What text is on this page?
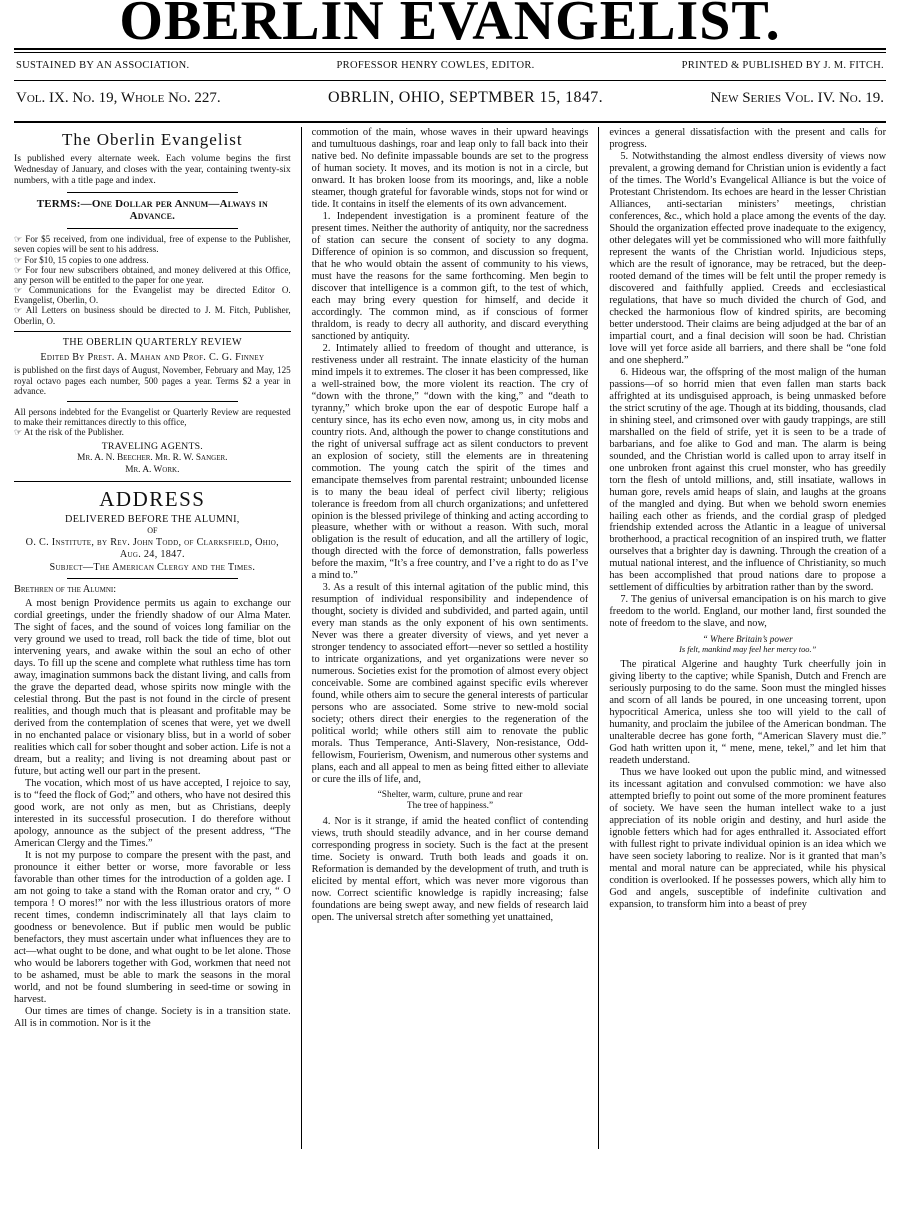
OBERLIN EVANGELIST.
SUSTAINED BY AN ASSOCIATION.	PROFESSOR HENRY COWLES, EDITOR.	PRINTED & PUBLISHED BY J. M. FITCH.
Vol. IX. No. 19, Whole No. 227.	OBRLIN, OHIO, SEPTMBER 15, 1847.	New Series Vol. IV. No. 19.
The Oberlin Evangelist

Is published every alternate week. Each volume begins the first Wednesday of January, and closes with the year, containing twenty-six numbers, with a title page and index.

TERMS:—One Dollar per Annum—Always in Advance.

☞ For $5 received, from one individual, free of expense to the Publisher, seven copies will be sent to his address.

☞ For $10, 15 copies to one address.

☞ For four new subscribers obtained, and money delivered at this Office, any person will be entitled to the paper for one year.

☞ Communications for the Evangelist may be directed Editor O. Evangelist, Oberlin, O.

☞ All Letters on business should be directed to J. M. Fitch, Publisher, Oberlin, O.

THE OBERLIN QUARTERLY REVIEW
Edited By Prest. A. Mahan and Prof. C. G. Finney

is published on the first days of August, November, February and May, 125 royal octavo pages each number, 500 pages a year. Terms $2 a year in advance.

All persons indebted for the Evangelist or Quarterly Review are requested to make their remittances directly to this office,

☞ At the risk of the Publisher.

TRAVELING AGENTS.
Mr. A. N. Beecher. Mr. R. W. Sanger.
Mr. A. Work.
ADDRESS
DELIVERED BEFORE THE ALUMNI,
OF
O. C. Institute, by Rev. John Todd, of Clarksfield, Ohio, Aug. 24, 1847.
Subject—The American Clergy and the Times.
Brethren of the Alumni:

A most benign Providence permits us again to exchange our cordial greetings, under the friendly shadow of our Alma Mater. The sight of faces, and the sound of voices long familiar on the very ground we used to tread, roll back the tide of time, blot out intervening years, and awake within the soul an echo of other days. To fill up the scene and complete what ruthless time has torn away, imagination summons back the distant living, and calls from the grave the departed dead, whose spirits now mingle with the celestial throng. But the past is not found in the circle of present realities, and though much that is pleasant and profitable may be derived from the contemplation of scenes that were, yet we dwell in no enchanted palace or visionary bliss, but in a world of sober realities which call for sober thought and sober action. Life is not a dream, but a reality; and living is not dreaming about past or future, but acting well our part in the present.

The vocation, which most of us have accepted, I rejoice to say, is to “feed the flock of God;” and others, who have not desired this good work, are not only as men, but as Christians, deeply interested in its successful prosecution. I do therefore without apology, announce as the subject of the present address, “The American Clergy and the Times.”

It is not my purpose to compare the present with the past, and pronounce it either better or worse, more favorable or less favorable than other times for the introduction of a golden age. I am not going to take a stand with the Roman orator and cry, “ O tempora ! O mores!” nor with the less illustrious orators of more recent times, condemn indiscriminately all that lays claim to goodness or benevolence. But if public men would be public benefactors, they must ascertain under what influences they are to act—what ought to be done, and what ought to be let alone. Those who would be laborers together with God, workmen that need not to be ashamed, must be able to mark the seasons in the moral world, and not be found slumbering in seed-time or sowing in harvest.

Our times are times of change. Society is in a transition state. All is in commotion. Nor is it the

commotion of the main, whose waves in their upward heavings and tumultuous dashings, roar and leap only to fall back into their native bed. No definite impassable bounds are set to the progress of human society. It moves, and its motion is not in a circle, but onward. It has broken loose from its moorings, and, like a noble steamer, though grateful for favorable winds, stops not for wind or tide. It contains in itself the elements of its own advancement.

1. Independent investigation is a prominent feature of the present times. Neither the authority of antiquity, nor the sacredness of station can secure the consent of society to any dogma. Difference of opinion is so common, and discussion so frequent, that he who would obtain the assent of community to his views, must have the reasons for the same forthcoming. Men begin to discover that intelligence is a common gift, to the test of which, each may bring every question for himself, and decide it accordingly. The common mind, as if conscious of former thraldom, is ready to decry all authority, and discard everything sanctioned by antiquity.

2. Intimately allied to freedom of thought and utterance, is restiveness under all restraint. The innate elasticity of the human mind impels it to extremes. The closer it has been compressed, like a well-strained bow, the more violent its reaction. The cry of “down with the throne,” “down with the king,” and “death to tyranny,” which broke upon the ear of despotic Europe half a century since, has its echo even now, among us, in city mobs and country riots. And, although the power to change constitutions and the right of universal suffrage act as silent conductors to prevent an explosion of society, still the elements are in threatening commotion. The young catch the spirit of the times and emancipate themselves from parental restraint; unbounded license is to many the beau ideal of perfect civil liberty; religious tolerance is freedom from all church organizations; and unfettered opinion is the blessed privilege of thinking and acting according to pleasure, whether with or without a reason. With such, moral obligation is the result of education, and all the artillery of logic, though directed with the force of demonstration, falls powerless before the maxim, “It’s a free country, and I’ve a right to do as I’ve a mind to.”

3. As a result of this internal agitation of the public mind, this resumption of individual responsibility and independence of thought, society is divided and subdivided, and parted again, until every man stands as the only exponent of his own sentiments. Never was there a greater diversity of views, and yet never a stronger tendency to associated effort—never so settled a hostility to intricate organizations, and yet organizations were never so numerous. Societies exist for the promotion of almost every object conceivable. Some are combined against specific evils wherever found, while others aim to secure the general interests of particular persons who are associated. Some strive to new-mold social society; others direct their energies to the regeneration of the political world; while others still aim to renovate the public morals. Thus Temperance, Anti-Slavery, Non-resistance, Odd-fellowism, Fourierism, Owenism, and numerous other systems and plans, each and all appeal to men as being fitted either to alleviate or cure the ills of life, and,

“Shelter, warm, culture, prune and rear
The tree of happiness.”

4. Nor is it strange, if amid the heated conflict of contending views, truth should steadily advance, and in her course demand corresponding progress in society. Such is the fact at the present time. Society is onward. Truth both leads and goads it on. Reformation is demanded by the development of truth, and truth is elicited by mental effort, which was never more vigorous than now. Correct scientific knowledge is rapidly increasing; false foundations are being swept away, and new fields of research laid open. The universal stretch after something yet unattained,

evinces a general dissatisfaction with the present and calls for progress.

5. Notwithstanding the almost endless diversity of views now prevalent, a growing demand for Christian union is evidently a fact of the times. The World’s Evangelical Alliance is but the voice of Protestant Christendom. Its echoes are heard in the lesser Christian Alliances, anti-sectarian ministers’ meetings, christian conferences, &c., which hold a place among the events of the day. Should the organization effected prove inadequate to the exigency, other delegates will yet be commissioned who will more faithfully represent the wants of the Christian world. Injudicious steps, which are the result of ignorance, may be retraced, but the deep-rooted demand of the times will be felt until the proper remedy is discovered and faithfully applied. Creeds and ecclesiastical regulations, that have so much divided the church of God, and checked the harmonious flow of kindred spirits, are becoming better understood. Their claims are being adjudged at the bar of an impartial court, and a final decision will soon be had. Christian love will yet force aside all barriers, and there shall be “one fold and one shepherd.”

6. Hideous war, the offspring of the most malign of the human passions—of so horrid mien that even fallen man starts back affrighted at its undisguised approach, is being unmasked before the strict scrutiny of the age. Though at its bidding, thousands, clad in shining steel, and crimsoned over with gaudy trappings, are still marshalled on the field of strife, yet it is seen to be a trade of barbarians, and foe alike to God and man. The alarm is being sounded, and the Christian world is called upon to array itself in one unbroken front against this cruel monster, who has greedily torn the flesh of untold millions, and, still insatiate, wallows in human gore, revels amid heaps of slain, and laughs at the groans of the mangled and dying. But when we behold sworn enemies hailing each other as friends, and the cordial grasp of pledged friendship extended across the Atlantic in a league of universal brotherhood, a practical recognition of an inspired truth, we flatter ourselves that a brighter day is dawning. Through the creation of a mutual national interest, and the influence of Christianity, so much has been accomplished that proud nations dare to propose a settlement of difficulties by arbitration rather than by the sword.

7. The genius of universal emancipation is on his march to give freedom to the world. England, our mother land, first sounded the note of freedom to the slave, and now,

“ Where Britain’s power
Is felt, mankind may feel her mercy too.”

The piratical Algerine and haughty Turk cheerfully join in giving liberty to the captive; while Spanish, Dutch and French are seriously purposing to do the same. Soon must the mingled hisses and scorn of all lands be poured, in one unceasing torrent, upon hypocritical America, unless she too will yield to the call of humanity, and proclaim the jubilee of the American bondman. The unalterable decree has gone forth, “American Slavery must die.” God hath written upon it, “ mene, mene, tekel,” and let him that readeth understand.

Thus we have looked out upon the public mind, and witnessed its incessant agitation and convulsed commotion: we have also attempted briefly to point out some of the more prominent features of society. We have seen the human intellect wake to a just appreciation of its noble origin and destiny, and hurl aside the ignoble fetters which had for ages enthralled it. Associated effort with fullest right to private individual opinion is an idea which we have seen society laboring to realize. Nor is it granted that man’s mental and moral nature can be appreciated, while his physical condition is overlooked. If he possesses powers, which ally him to God and angels, susceptible of indefinite cultivation and expansion, to transform him into a beast of prey
